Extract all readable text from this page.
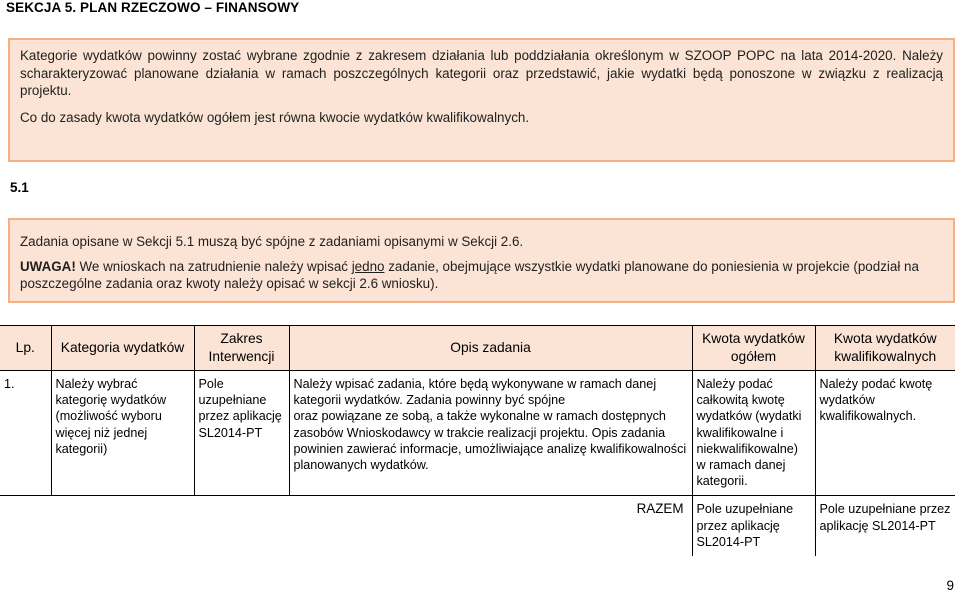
SEKCJA 5. PLAN RZECZOWO – FINANSOWY

Kategorie wydatków powinny zostać wybrane zgodnie z zakresem działania lub poddziałania określonym w SZOOP POPC na lata 2014-2020. Należy scharakteryzować planowane działania w ramach poszczególnych kategorii oraz przedstawić, jakie wydatki będą ponoszone w związku z realizacją projektu.

Co do zasady kwota wydatków ogółem jest równa kwocie wydatków kwalifikowalnych.

5.1

Zadania opisane w Sekcji 5.1 muszą być spójne z zadaniami opisanymi w Sekcji 2.6.

UWAGA! We wnioskach na zatrudnienie należy wpisać jedno zadanie, obejmujące wszystkie wydatki planowane do poniesienia w projekcie (podział na poszczególne zadania oraz kwoty należy opisać w sekcji 2.6 wniosku).

Lp.	Kategoria wydatków	Zakres Interwencji	Opis zadania	Kwota wydatków ogółem	Kwota wydatków kwalifikowalnych
1.	Należy wybrać kategorię wydatków (możliwość wyboru więcej niż jednej kategorii)	Pole uzupełniane przez aplikację SL2014-PT	Należy wpisać zadania, które będą wykonywane w ramach danej kategorii wydatków. Zadania powinny być spójne
oraz powiązane ze sobą, a także wykonalne w ramach dostępnych zasobów Wnioskodawcy w trakcie realizacji projektu. Opis zadania powinien zawierać informacje, umożliwiające analizę kwalifikowalności planowanych wydatków.	Należy podać całkowitą kwotę wydatków (wydatki kwalifikowalne i niekwalifikowalne) w ramach danej kategorii.	Należy podać kwotę wydatków kwalifikowalnych.
RAZEM				Pole uzupełniane przez aplikację SL2014-PT	Pole uzupełniane przez aplikację SL2014-PT
9
